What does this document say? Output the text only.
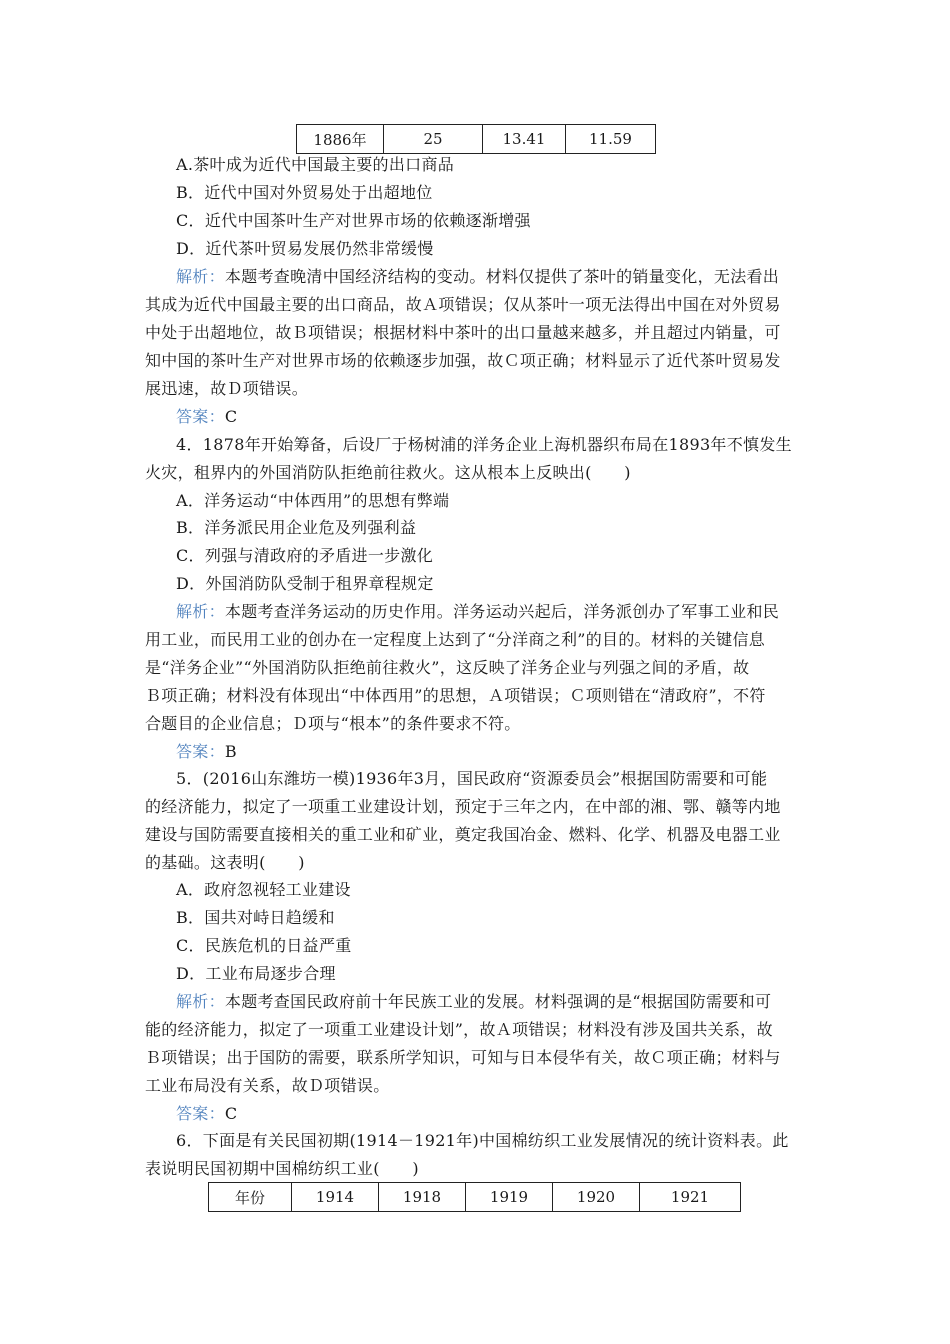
1886年	25	13.41	11.59
A.茶叶成为近代中国最主要的出口商品
B．近代中国对外贸易处于出超地位
C．近代中国茶叶生产对世界市场的依赖逐渐增强
D．近代茶叶贸易发展仍然非常缓慢
解析：本题考查晚清中国经济结构的变动。材料仅提供了茶叶的销量变化，无法看出
其成为近代中国最主要的出口商品，故Ａ项错误；仅从茶叶一项无法得出中国在对外贸易
中处于出超地位，故Ｂ项错误；根据材料中茶叶的出口量越来越多，并且超过内销量，可
知中国的茶叶生产对世界市场的依赖逐步加强，故Ｃ项正确；材料显示了近代茶叶贸易发
展迅速，故Ｄ项错误。
答案：C
4．1878年开始筹备，后设厂于杨树浦的洋务企业上海机器织布局在1893年不慎发生
火灾，租界内的外国消防队拒绝前往救火。这从根本上反映出(　　)
A．洋务运动“中体西用”的思想有弊端
B．洋务派民用企业危及列强利益
C．列强与清政府的矛盾进一步激化
D．外国消防队受制于租界章程规定
解析：本题考查洋务运动的历史作用。洋务运动兴起后，洋务派创办了军事工业和民
用工业，而民用工业的创办在一定程度上达到了“分洋商之利”的目的。材料的关键信息
是“洋务企业”“外国消防队拒绝前往救火”，这反映了洋务企业与列强之间的矛盾，故
Ｂ项正确；材料没有体现出“中体西用”的思想，Ａ项错误；Ｃ项则错在“清政府”，不符
合题目的企业信息；Ｄ项与“根本”的条件要求不符。
答案：B
5．(2016山东潍坊一模)1936年3月，国民政府“资源委员会”根据国防需要和可能
的经济能力，拟定了一项重工业建设计划，预定于三年之内，在中部的湘、鄂、赣等内地
建设与国防需要直接相关的重工业和矿业，奠定我国冶金、燃料、化学、机器及电器工业
的基础。这表明(　　)
A．政府忽视轻工业建设
B．国共对峙日趋缓和
C．民族危机的日益严重
D．工业布局逐步合理
解析：本题考查国民政府前十年民族工业的发展。材料强调的是“根据国防需要和可
能的经济能力，拟定了一项重工业建设计划”，故Ａ项错误；材料没有涉及国共关系，故
Ｂ项错误；出于国防的需要，联系所学知识，可知与日本侵华有关，故Ｃ项正确；材料与
工业布局没有关系，故Ｄ项错误。
答案：C
6．下面是有关民国初期(1914－1921年)中国棉纺织工业发展情况的统计资料表。此
表说明民国初期中国棉纺织工业(　　)
年份	1914	1918	1919	1920	1921
